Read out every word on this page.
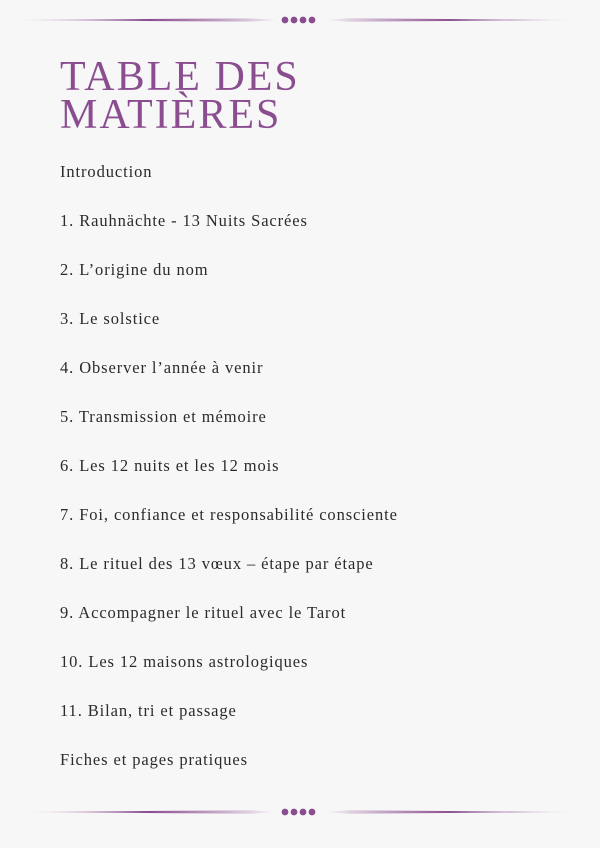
TABLE DES
MATIÈRES
Introduction
1. Rauhnächte - 13 Nuits Sacrées
2. L’origine du nom
3. Le solstice
4. Observer l’année à venir
5. Transmission et mémoire
6. Les 12 nuits et les 12 mois
7. Foi, confiance et responsabilité consciente
8. Le rituel des 13 vœux – étape par étape
9. Accompagner le rituel avec le Tarot
10. Les 12 maisons astrologiques
11. Bilan, tri et passage
Fiches et pages pratiques
